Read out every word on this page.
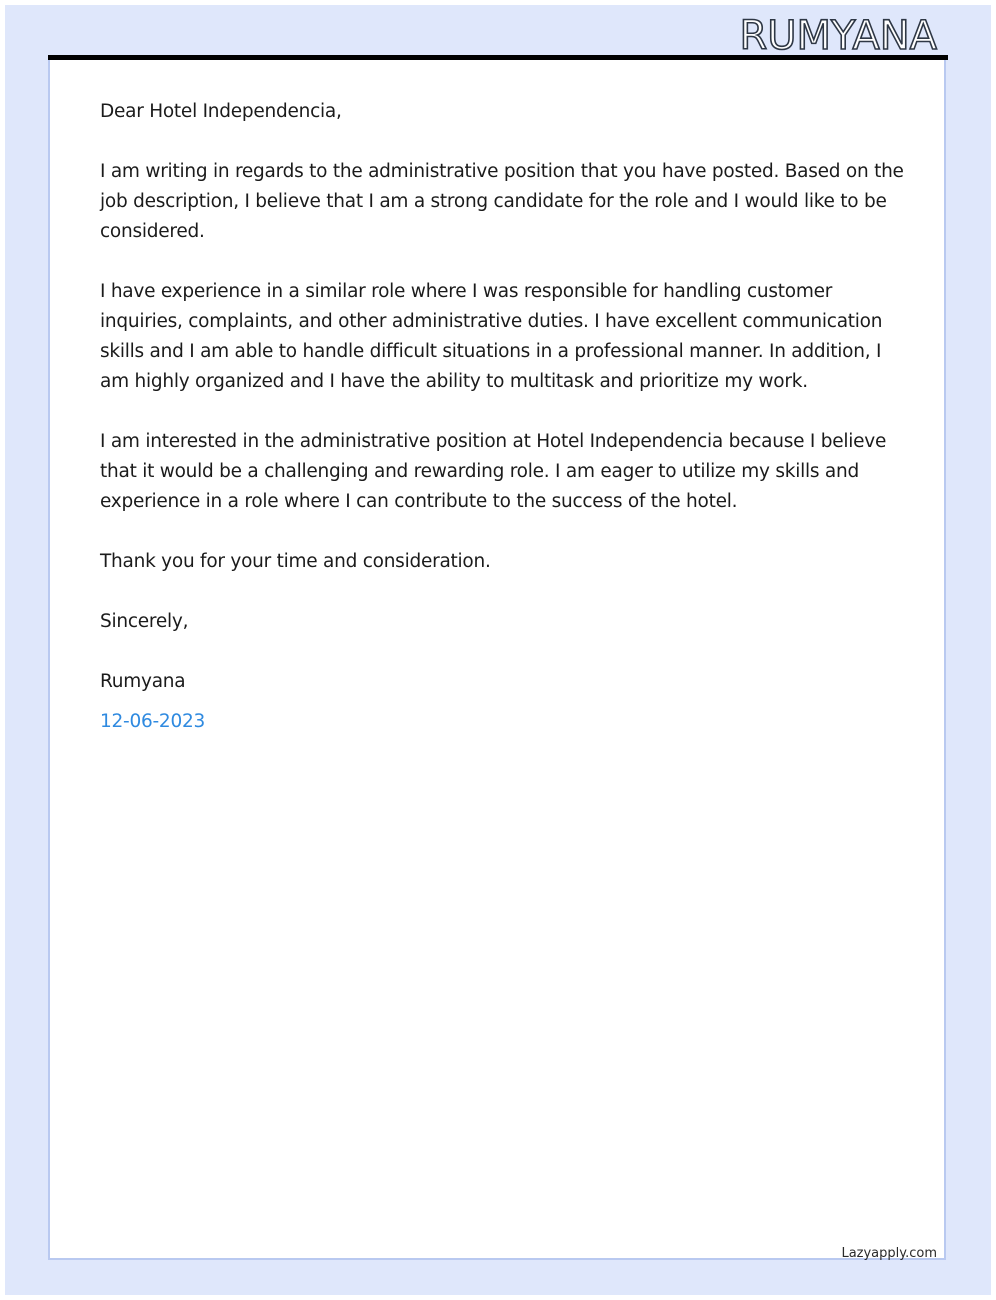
RUMYANA

Dear Hotel Independencia,

I am writing in regards to the administrative position that you have posted. Based on the job description, I believe that I am a strong candidate for the role and I would like to be considered.

I have experience in a similar role where I was responsible for handling customer inquiries, complaints, and other administrative duties. I have excellent communication skills and I am able to handle difficult situations in a professional manner. In addition, I am highly organized and I have the ability to multitask and prioritize my work.

I am interested in the administrative position at Hotel Independencia because I believe that it would be a challenging and rewarding role. I am eager to utilize my skills and experience in a role where I can contribute to the success of the hotel.

Thank you for your time and consideration.

Sincerely,

Rumyana

12-06-2023

Lazyapply.com
